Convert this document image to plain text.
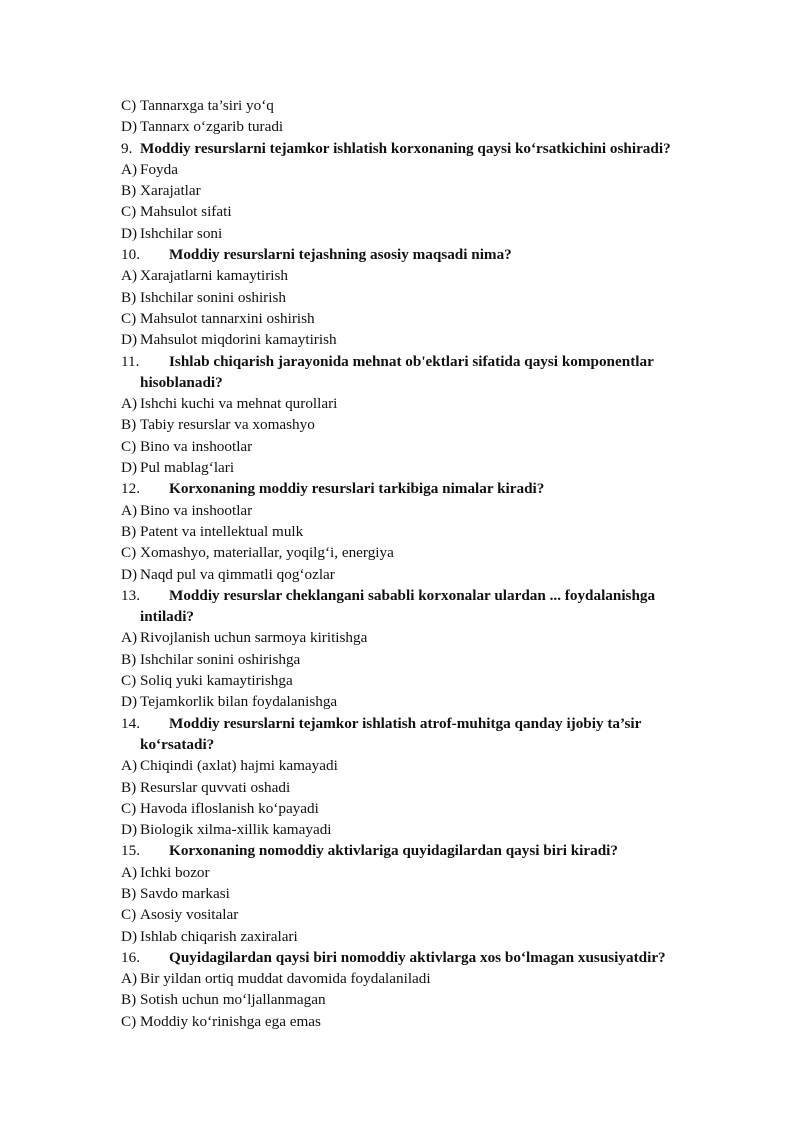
C) Tannarxga ta’siri yo‘q
D) Tannarx o‘zgarib turadi
9. Moddiy resurslarni tejamkor ishlatish korxonaning qaysi ko‘rsatkichini oshiradi?
A) Foyda
B) Xarajatlar
C) Mahsulot sifati
D) Ishchilar soni
10. Moddiy resurslarni tejashning asosiy maqsadi nima?
A) Xarajatlarni kamaytirish
B) Ishchilar sonini oshirish
C) Mahsulot tannarxini oshirish
D) Mahsulot miqdorini kamaytirish
11. Ishlab chiqarish jarayonida mehnat ob'ektlari sifatida qaysi komponentlar
hisoblanadi?
A) Ishchi kuchi va mehnat qurollari
B) Tabiy resurslar va xomashyo
C) Bino va inshootlar
D) Pul mablag‘lari
12. Korxonaning moddiy resurslari tarkibiga nimalar kiradi?
A) Bino va inshootlar
B) Patent va intellektual mulk
C) Xomashyo, materiallar, yoqilg‘i, energiya
D) Naqd pul va qimmatli qog‘ozlar
13. Moddiy resurslar cheklangani sababli korxonalar ulardan ... foydalanishga
intiladi?
A) Rivojlanish uchun sarmoya kiritishga
B) Ishchilar sonini oshirishga
C) Soliq yuki kamaytirishga
D) Tejamkorlik bilan foydalanishga
14. Moddiy resurslarni tejamkor ishlatish atrof-muhitga qanday ijobiy ta’sir
ko‘rsatadi?
A) Chiqindi (axlat) hajmi kamayadi
B) Resurslar quvvati oshadi
C) Havoda ifloslanish ko‘payadi
D) Biologik xilma-xillik kamayadi
15. Korxonaning nomoddiy aktivlariga quyidagilardan qaysi biri kiradi?
A) Ichki bozor
B) Savdo markasi
C) Asosiy vositalar
D) Ishlab chiqarish zaxiralari
16. Quyidagilardan qaysi biri nomoddiy aktivlarga xos bo‘lmagan xususiyatdir?
A) Bir yildan ortiq muddat davomida foydalaniladi
B) Sotish uchun mo‘ljallanmagan
C) Moddiy ko‘rinishga ega emas
